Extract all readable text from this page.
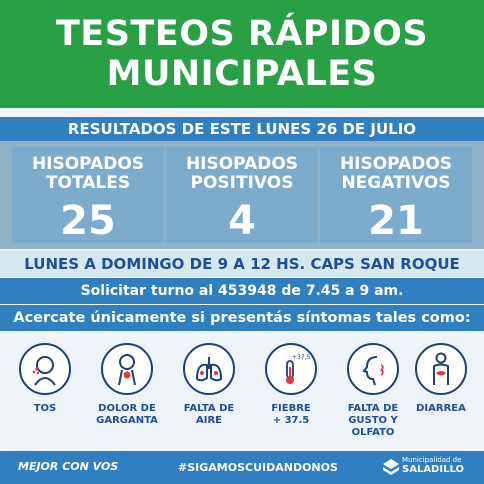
TESTEOS RÁPIDOS
MUNICIPALES
RESULTADOS DE ESTE LUNES 26 DE JULIO
HISOPADOS
TOTALES
25
HISOPADOS
POSITIVOS
4
HISOPADOS
NEGATIVOS
21
LUNES A DOMINGO DE 9 A 12 HS. CAPS SAN ROQUE
Solicitar turno al 453948 de 7.45 a 9 am.
Acercate únicamente si presentás síntomas tales como:
TOS	DOLOR DE
GARGANTA
FALTA DE
AIRE
+37,5°
FIEBRE
+ 37.5
FALTA DE
GUSTO Y OLFATO
DIARREA

MEJOR CON VOS	#SIGAMOSCUIDANDONOS
Municipalidad de
SALADILLO
